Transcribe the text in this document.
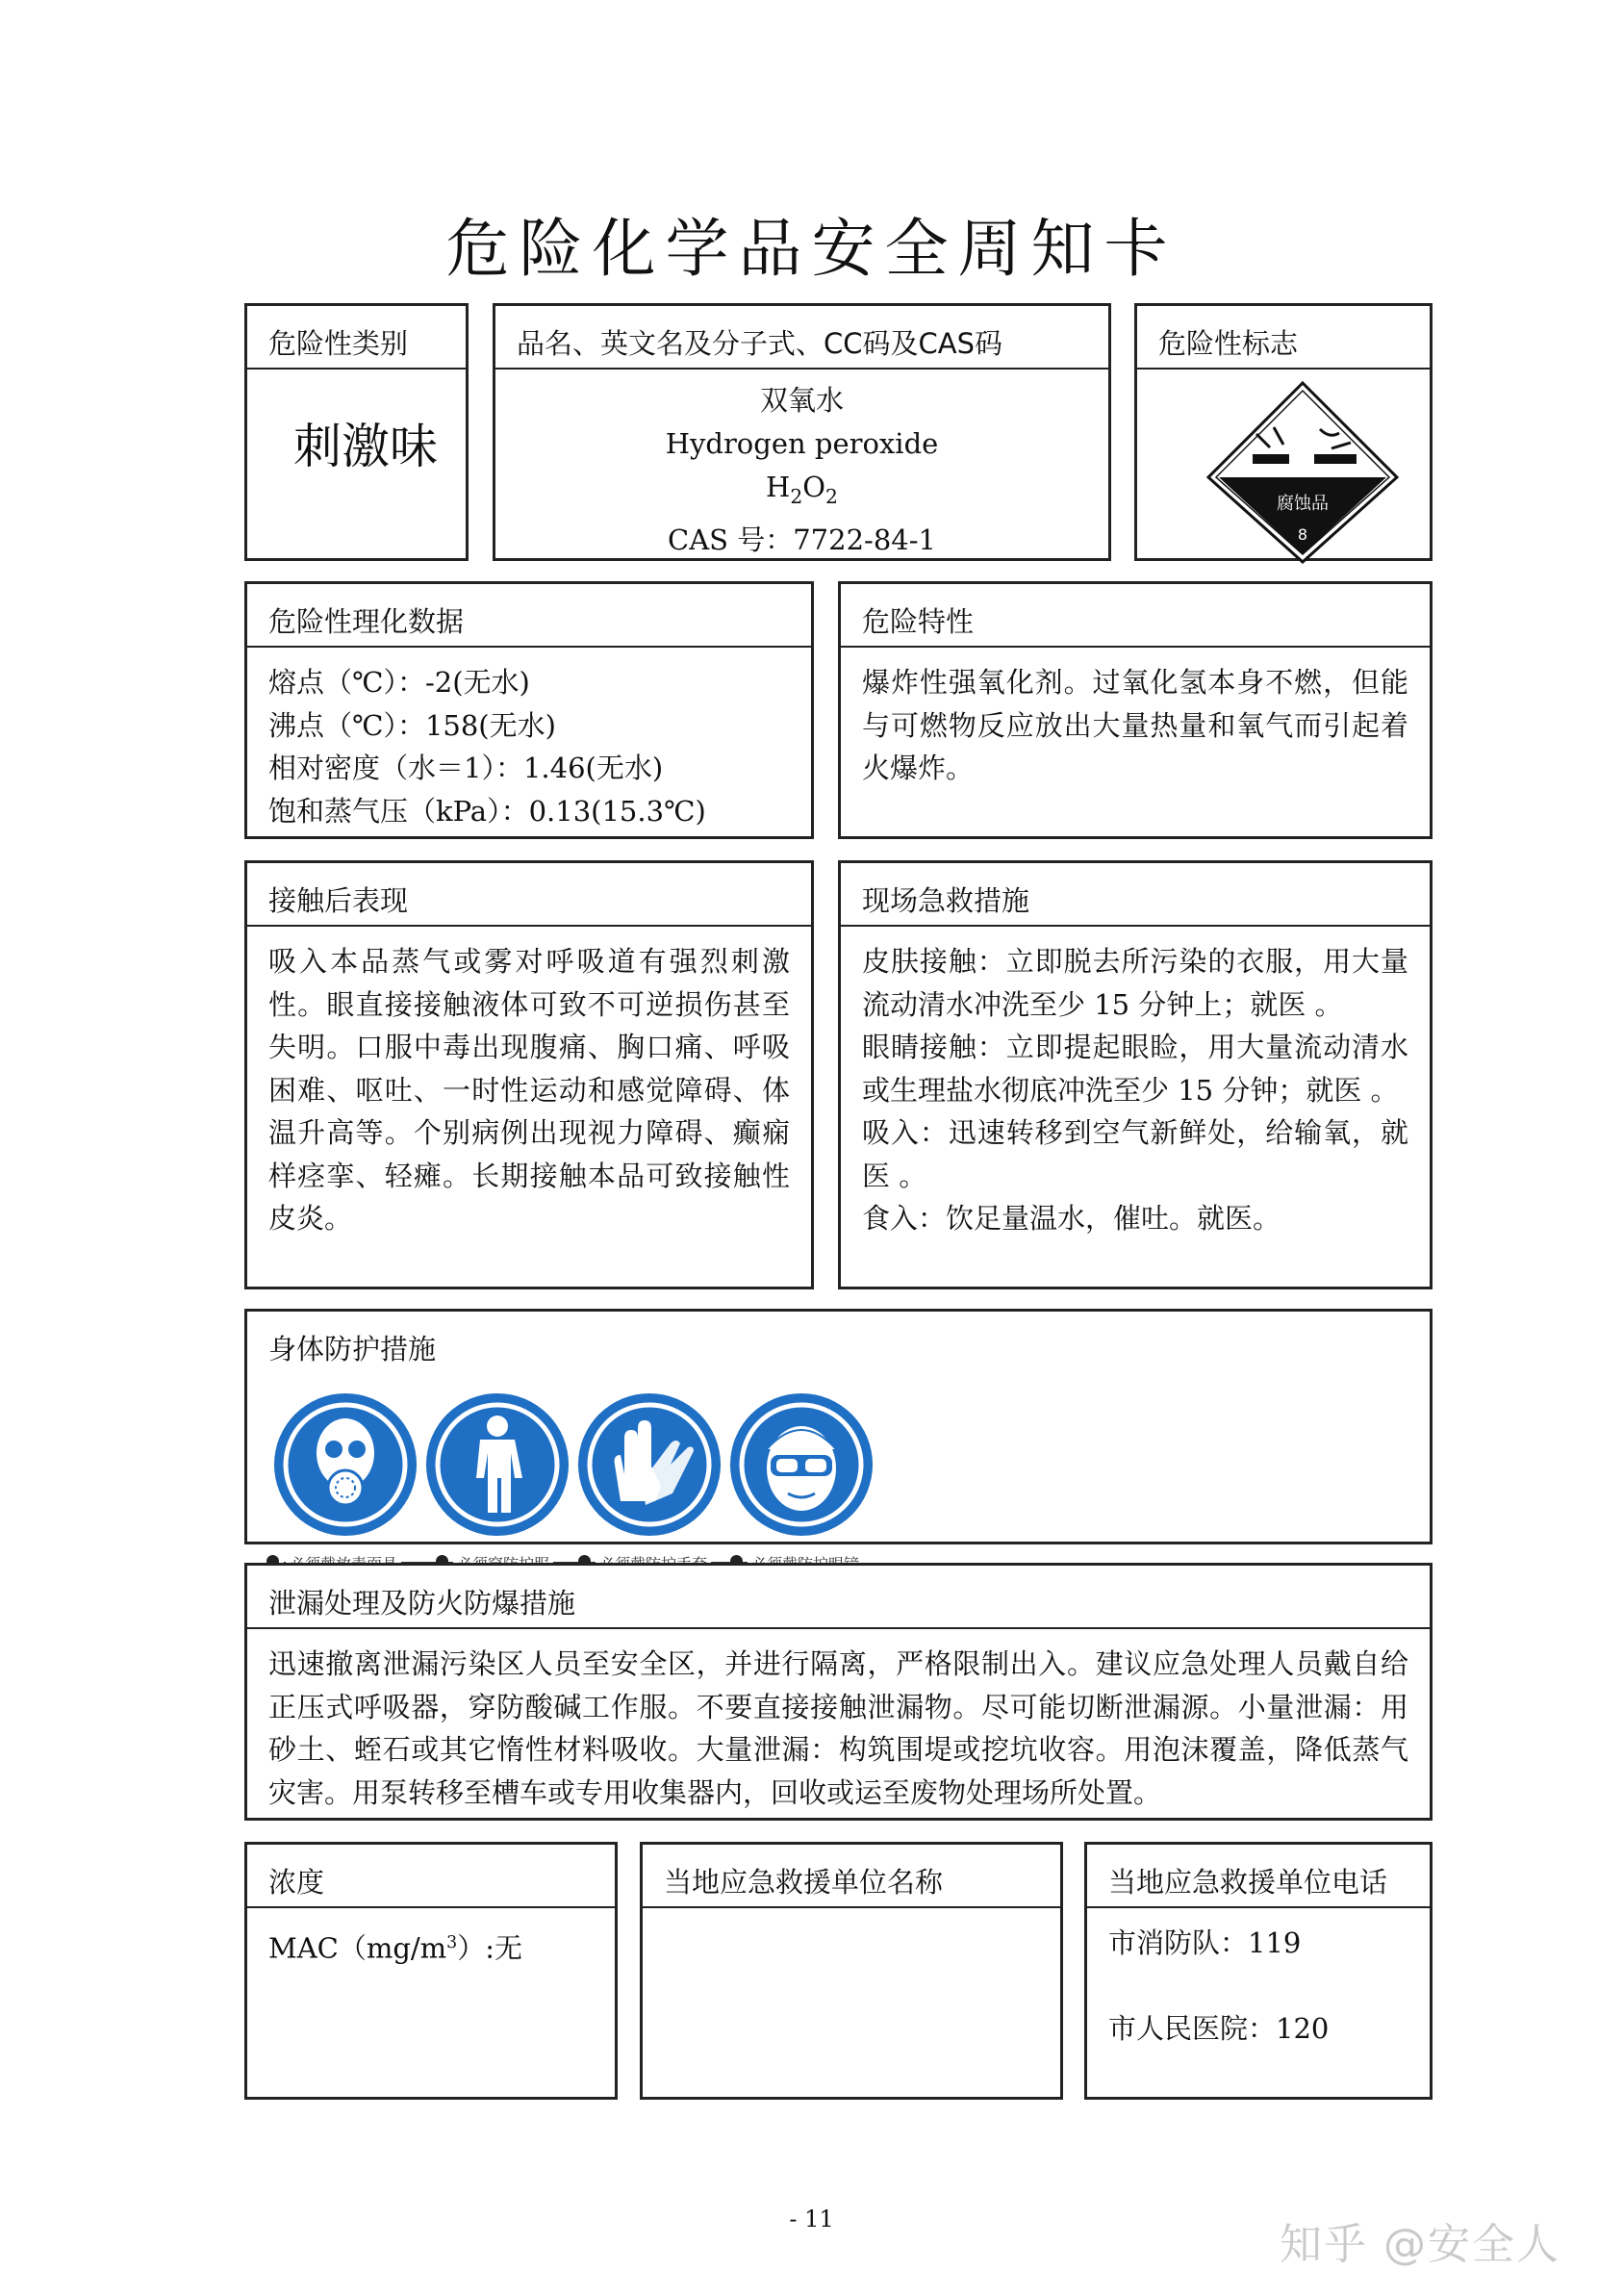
危险化学品安全周知卡
危险性类别
刺激味
品名、英文名及分子式、CC码及CAS码
双氧水
Hydrogen peroxide
$H_2O_2$
CAS 号：7722-84-1
危险性标志
腐蚀品
8
危险性理化数据

熔点（℃）：-2(无水)

沸点（℃）：158(无水)

相对密度（水＝1）：1.46(无水)

饱和蒸气压（kPa）：0.13(15.3℃)

危险特性

爆炸性强氧化剂。过氧化氢本身不燃，但能与可燃物反应放出大量热量和氧气而引起着火爆炸。

接触后表现

吸入本品蒸气或雾对呼吸道有强烈刺激性。眼直接接触液体可致不可逆损伤甚至失明。口服中毒出现腹痛、胸口痛、呼吸困难、呕吐、一时性运动和感觉障碍、体温升高等。个别病例出现视力障碍、癫痫样痉挛、轻瘫。长期接触本品可致接触性皮炎。

现场急救措施

皮肤接触：立即脱去所污染的衣服，用大量流动清水冲洗至少 15 分钟上；就医 。

眼睛接触：立即提起眼睑，用大量流动清水或生理盐水彻底冲洗至少 15 分钟；就医 。

吸入：迅速转移到空气新鲜处，给输氧，就医 。

食入：饮足量温水，催吐。就医。

身体防护措施
泄漏处理及防火防爆措施

迅速撤离泄漏污染区人员至安全区，并进行隔离，严格限制出入。建议应急处理人员戴自给正压式呼吸器，穿防酸碱工作服。不要直接接触泄漏物。尽可能切断泄漏源。小量泄漏：用砂土、蛭石或其它惰性材料吸收。大量泄漏：构筑围堤或挖坑收容。用泡沫覆盖，降低蒸气灾害。用泵转移至槽车或专用收集器内，回收或运至废物处理场所处置。

浓度

$MAC(mg/m^3)$:无

当地应急救援单位名称	当地应急救援单位电话

市消防队：119

市人民医院：120

- 11
知乎 @安全人
